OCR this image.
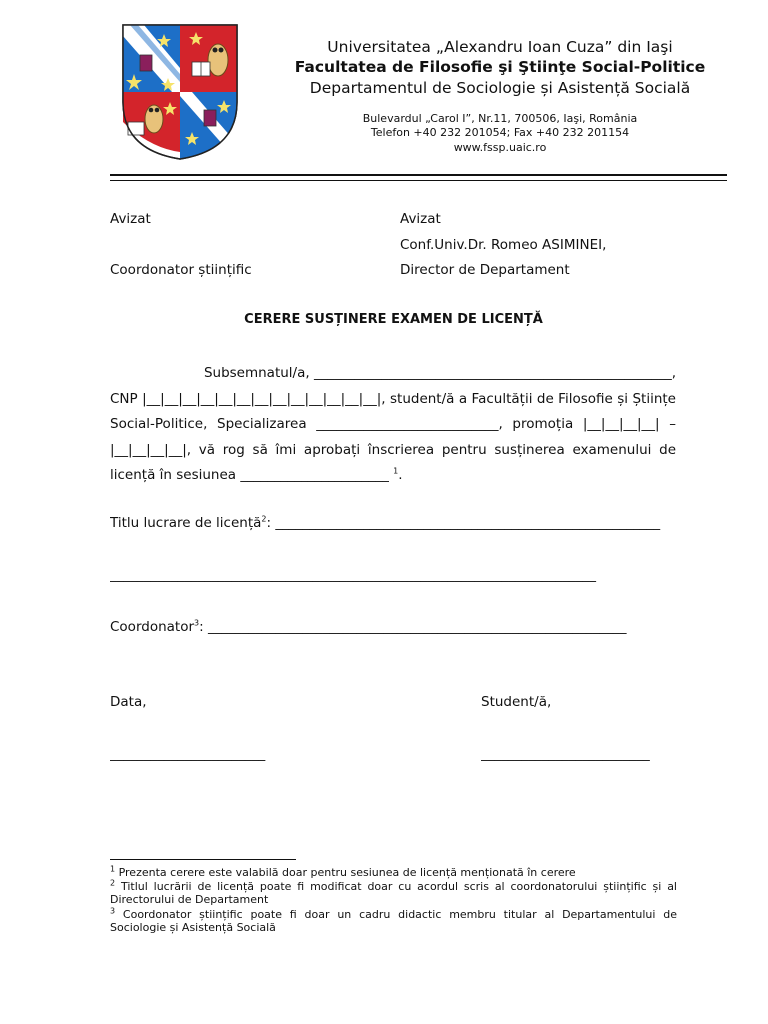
Universitatea „Alexandru Ioan Cuza” din Iaşi
Facultatea de Filosofie şi Ştiinţe Social-Politice
Departamentul de Sociologie și Asistență Socială
Bulevardul „Carol I”, Nr.11, 700506, Iaşi, România
Telefon +40 232 201054; Fax +40 232 201154
www.fssp.uaic.ro
Avizat
Coordonator științific
Avizat
Conf.Univ.Dr. Romeo ASIMINEI,
Director de Departament
CERERE SUSȚINERE EXAMEN DE LICENȚĂ

Subsemnatul/a, _____________________________________________________,

CNP |__|__|__|__|__|__|__|__|__|__|__|__|__|, student/ă a Facultății de Filosofie și Științe Social-Politice, Specializarea ___________________________, promoția |__|__|__|__| – |__|__|__|__|, vă rog să îmi aprobați înscrierea pentru susținerea examenului de licență în sesiunea ______________________ $^1$.

Titlu lucrare de licență$^2$: _________________________________________________________
________________________________________________________________________
Coordonator$^3$: ______________________________________________________________
Data,	Student/ă,
_______________________	_________________________
$^1$ Prezenta cerere este valabilă doar pentru sesiunea de licență menționată în cerere
$^2$ Titlul lucrării de licență poate fi modificat doar cu acordul scris al coordonatorului științific și al Directorului de Departament
$^3$ Coordonator științific poate fi doar un cadru didactic membru titular al Departamentului de Sociologie și Asistență Socială
